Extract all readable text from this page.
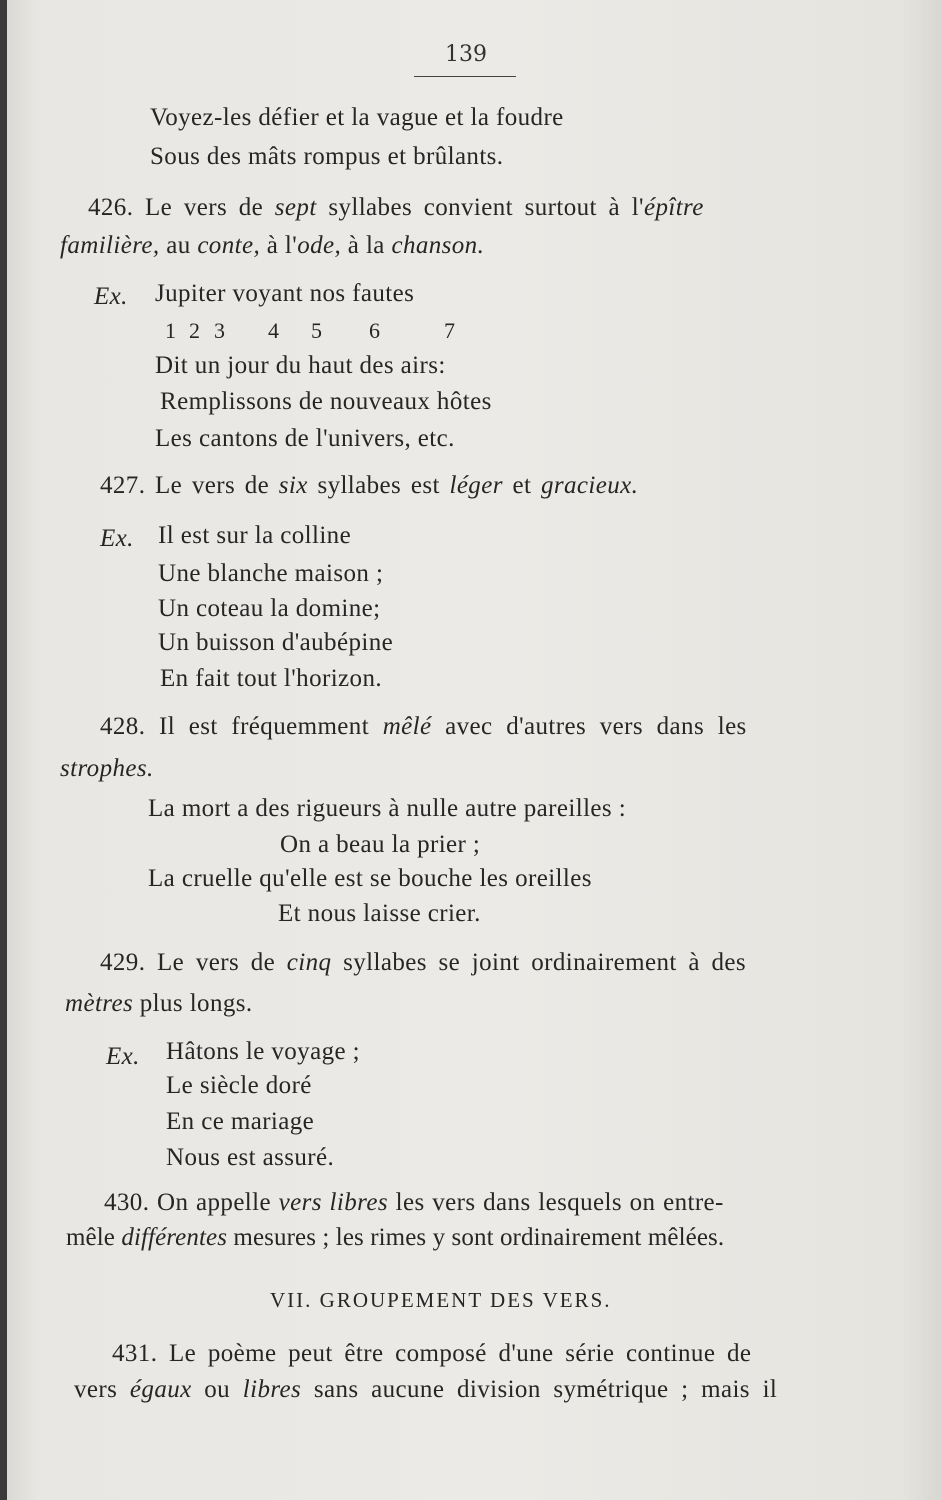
139
Voyez-les défier et la vague et la foudre
Sous des mâts rompus et brûlants.
426. Le vers de sept syllabes convient surtout à l'épître
familière, au conte, à l'ode, à la chanson.
Ex. Jupiter voyant nos fautes
1 2 3 4 5 6	7
Dit un jour du haut des airs:
Remplissons de nouveaux hôtes
Les cantons de l'univers, etc.
427. Le vers de six syllabes est léger et gracieux.
Ex. Il est sur la colline
Une blanche maison ;
Un coteau la domine;
Un buisson d'aubépine
En fait tout l'horizon.
428. Il est fréquemment mêlé avec d'autres vers dans les
strophes.
La mort a des rigueurs à nulle autre pareilles :
On a beau la prier ;
La cruelle qu'elle est se bouche les oreilles
Et nous laisse crier.
429. Le vers de cinq syllabes se joint ordinairement à des
mètres plus longs.
Ex. Hâtons le voyage ;
Le siècle doré
En ce mariage
Nous est assuré.
430. On appelle vers libres les vers dans lesquels on entre-
mêle différentes mesures ; les rimes y sont ordinairement mêlées.
VII. GROUPEMENT DES VERS.
431. Le poème peut être composé d'une série continue de
vers égaux ou libres sans aucune division symétrique ; mais il
